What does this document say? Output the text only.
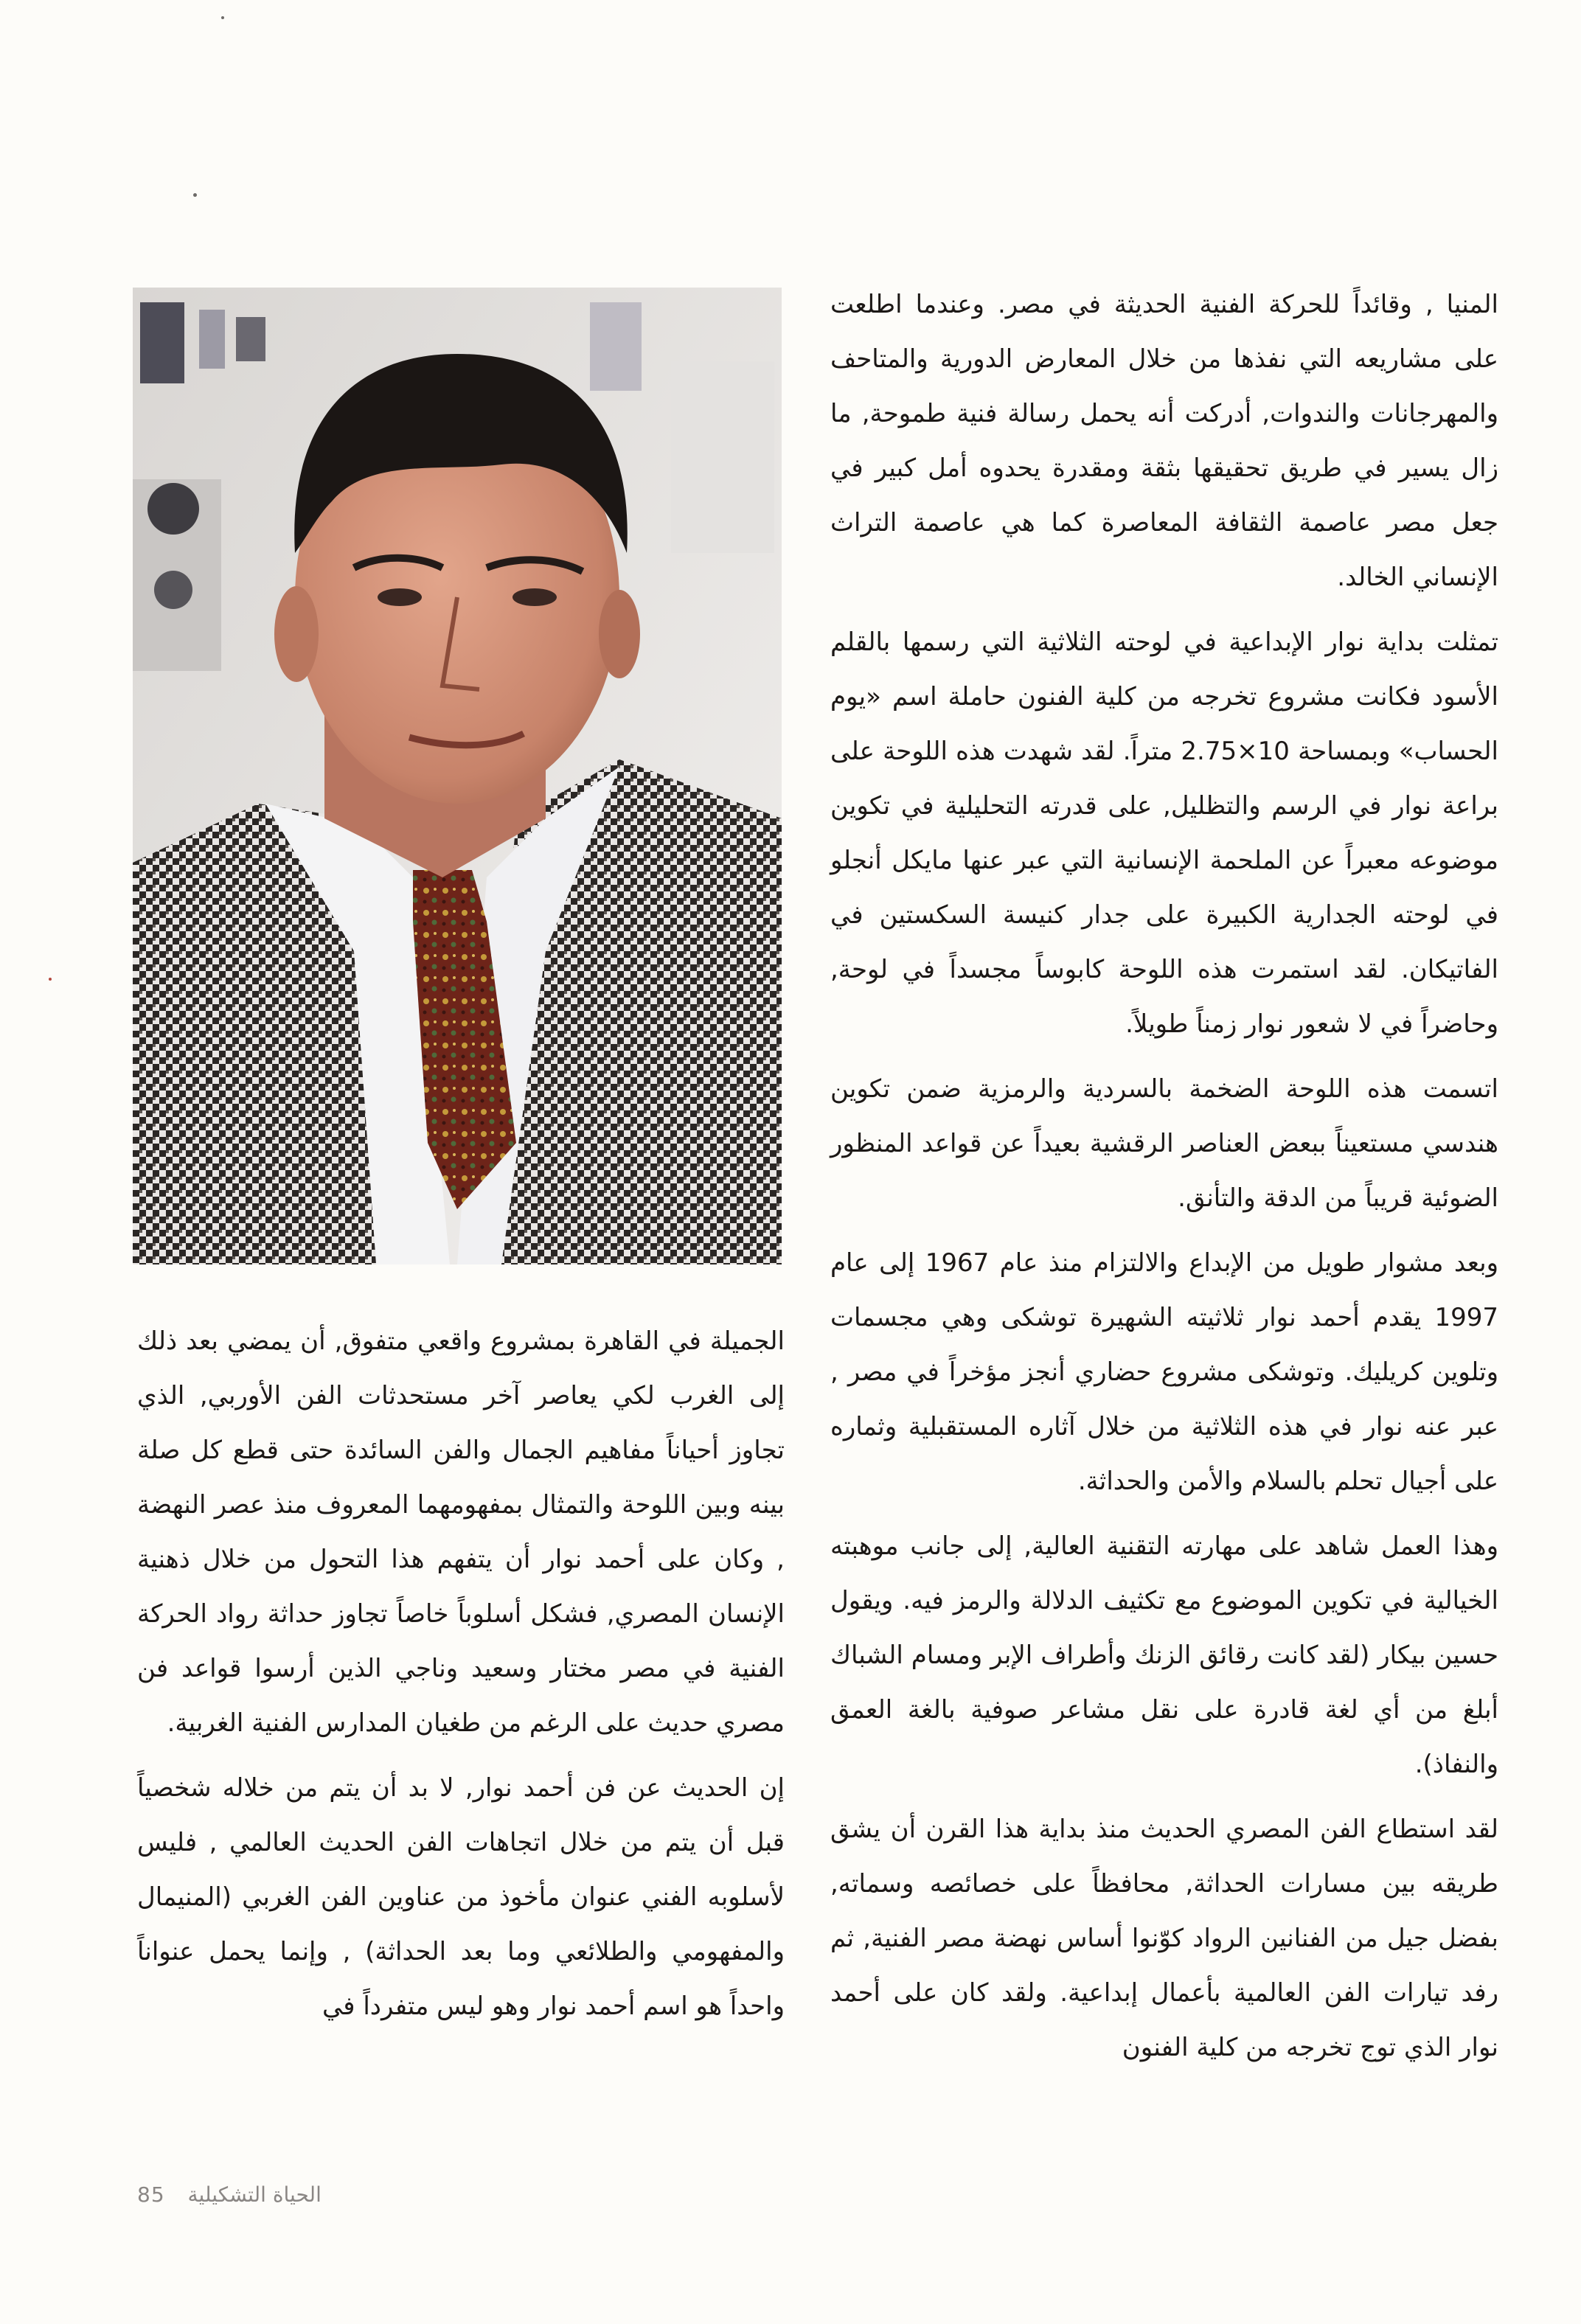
المنيا , وقائداً للحركة الفنية الحديثة في مصر. وعندما اطلعت على مشاريعه التي نفذها من خلال المعارض الدورية والمتاحف والمهرجانات والندوات, أدركت أنه يحمل رسالة فنية طموحة, ما زال يسير في طريق تحقيقها بثقة ومقدرة يحدوه أمل كبير في جعل مصر عاصمة الثقافة المعاصرة كما هي عاصمة التراث الإنساني الخالد.

تمثلت بداية نوار الإبداعية في لوحته الثلاثية التي رسمها بالقلم الأسود فكانت مشروع تخرجه من كلية الفنون حاملة اسم «يوم الحساب» وبمساحة 10×2.75 متراً. لقد شهدت هذه اللوحة على براعة نوار في الرسم والتظليل, على قدرته التحليلية في تكوين موضوعه معبراً عن الملحمة الإنسانية التي عبر عنها مايكل أنجلو في لوحته الجدارية الكبيرة على جدار كنيسة السكستين في الفاتيكان. لقد استمرت هذه اللوحة كابوساً مجسداً في لوحة, وحاضراً في لا شعور نوار زمناً طويلاً.

اتسمت هذه اللوحة الضخمة بالسردية والرمزية ضمن تكوين هندسي مستعيناً ببعض العناصر الرقشية بعيداً عن قواعد المنظور الضوئية قريباً من الدقة والتأنق.

وبعد مشوار طويل من الإبداع والالتزام منذ عام 1967 إلى عام 1997 يقدم أحمد نوار ثلاثيته الشهيرة توشكى وهي مجسمات وتلوين كريليك. وتوشكى مشروع حضاري أنجز مؤخراً في مصر , عبر عنه نوار في هذه الثلاثية من خلال آثاره المستقبلية وثماره على أجيال تحلم بالسلام والأمن والحداثة.

وهذا العمل شاهد على مهارته التقنية العالية, إلى جانب موهبته الخيالية في تكوين الموضوع مع تكثيف الدلالة والرمز فيه. ويقول حسين بيكار (لقد كانت رقائق الزنك وأطراف الإبر ومسام الشباك أبلغ من أي لغة قادرة على نقل مشاعر صوفية بالغة العمق والنفاذ).

لقد استطاع الفن المصري الحديث منذ بداية هذا القرن أن يشق طريقه بين مسارات الحداثة, محافظاً على خصائصه وسماته, بفضل جيل من الفنانين الرواد كوّنوا أساس نهضة مصر الفنية, ثم رفد تيارات الفن العالمية بأعمال إبداعية. ولقد كان على أحمد نوار الذي توج تخرجه من كلية الفنون

الجميلة في القاهرة بمشروع واقعي متفوق, أن يمضي بعد ذلك إلى الغرب لكي يعاصر آخر مستحدثات الفن الأوربي, الذي تجاوز أحياناً مفاهيم الجمال والفن السائدة حتى قطع كل صلة بينه وبين اللوحة والتمثال بمفهومهما المعروف منذ عصر النهضة , وكان على أحمد نوار أن يتفهم هذا التحول من خلال ذهنية الإنسان المصري, فشكل أسلوباً خاصاً تجاوز حداثة رواد الحركة الفنية في مصر مختار وسعيد وناجي الذين أرسوا قواعد فن مصري حديث على الرغم من طغيان المدارس الفنية الغربية.

إن الحديث عن فن أحمد نوار, لا بد أن يتم من خلاله شخصياً قبل أن يتم من خلال اتجاهات الفن الحديث العالمي , فليس لأسلوبه الفني عنوان مأخوذ من عناوين الفن الغربي (المنيمال والمفهومي والطلائعي وما بعد الحداثة) , وإنما يحمل عنواناً واحداً هو اسم أحمد نوار وهو ليس متفرداً في

85 الحياة التشكيلية
